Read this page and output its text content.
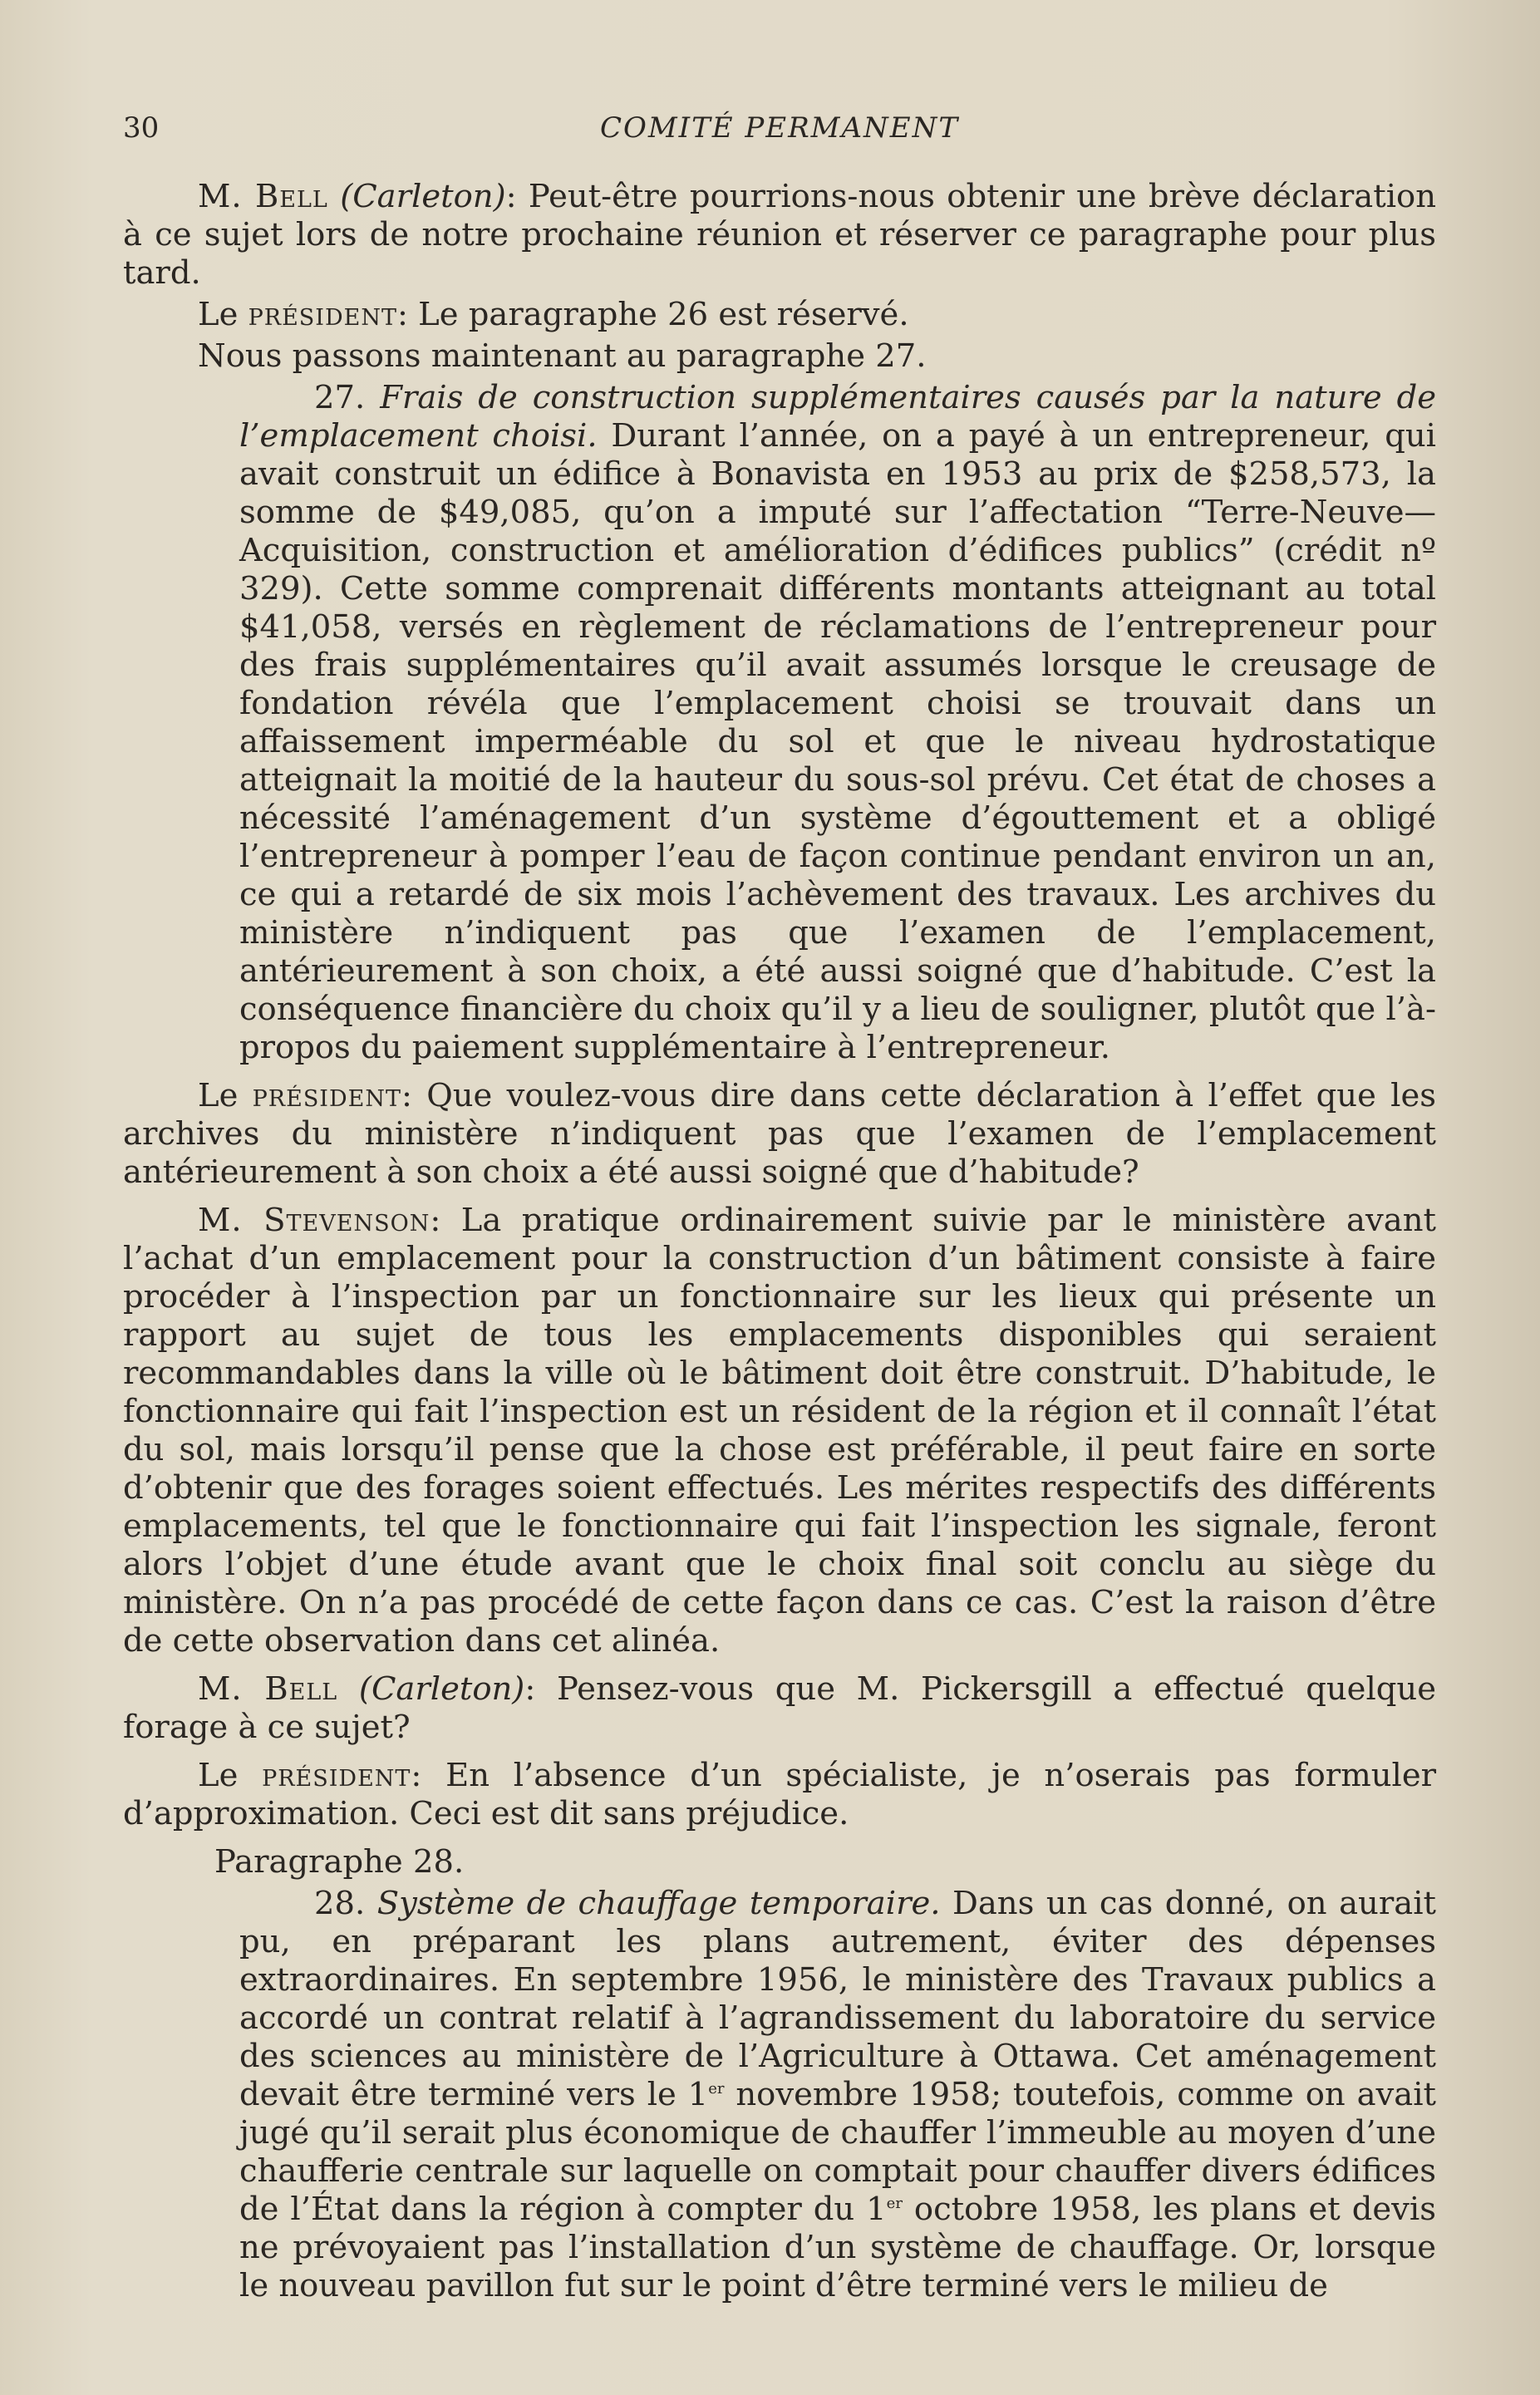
30	COMITÉ PERMANENT

M. Bell (Carleton): Peut-être pourrions-nous obtenir une brève déclaration à ce sujet lors de notre prochaine réunion et réserver ce paragraphe pour plus tard.

Le président: Le paragraphe 26 est réservé.

Nous passons maintenant au paragraphe 27.

27. Frais de construction supplémentaires causés par la nature de l’emplacement choisi. Durant l’année, on a payé à un entrepreneur, qui avait construit un édifice à Bonavista en 1953 au prix de $258,573, la somme de $49,085, qu’on a imputé sur l’affectation “Terre-Neuve— Acquisition, construction et amélioration d’édifices publics” (crédit nº 329). Cette somme comprenait différents montants atteignant au total $41,058, versés en règlement de réclamations de l’entrepreneur pour des frais supplémentaires qu’il avait assumés lorsque le creusage de fondation révéla que l’emplacement choisi se trouvait dans un affaissement imperméable du sol et que le niveau hydrostatique atteignait la moitié de la hauteur du sous-sol prévu. Cet état de choses a nécessité l’aménagement d’un système d’égouttement et a obligé l’entrepreneur à pomper l’eau de façon continue pendant environ un an, ce qui a retardé de six mois l’achèvement des travaux. Les archives du ministère n’indiquent pas que l’examen de l’emplacement, antérieurement à son choix, a été aussi soigné que d’habitude. C’est la conséquence financière du choix qu’il y a lieu de souligner, plutôt que l’à-propos du paiement supplémentaire à l’entrepreneur.

Le président: Que voulez-vous dire dans cette déclaration à l’effet que les archives du ministère n’indiquent pas que l’examen de l’emplacement antérieurement à son choix a été aussi soigné que d’habitude?

M. Stevenson: La pratique ordinairement suivie par le ministère avant l’achat d’un emplacement pour la construction d’un bâtiment consiste à faire procéder à l’inspection par un fonctionnaire sur les lieux qui présente un rapport au sujet de tous les emplacements disponibles qui seraient recommandables dans la ville où le bâtiment doit être construit. D’habitude, le fonctionnaire qui fait l’inspection est un résident de la région et il connaît l’état du sol, mais lorsqu’il pense que la chose est préférable, il peut faire en sorte d’obtenir que des forages soient effectués. Les mérites respectifs des différents emplacements, tel que le fonctionnaire qui fait l’inspection les signale, feront alors l’objet d’une étude avant que le choix final soit conclu au siège du ministère. On n’a pas procédé de cette façon dans ce cas. C’est la raison d’être de cette observation dans cet alinéa.

M. Bell (Carleton): Pensez-vous que M. Pickersgill a effectué quelque forage à ce sujet?

Le président: En l’absence d’un spécialiste, je n’oserais pas formuler d’approximation. Ceci est dit sans préjudice.

Paragraphe 28.

28. Système de chauffage temporaire. Dans un cas donné, on aurait pu, en préparant les plans autrement, éviter des dépenses extraordinaires. En septembre 1956, le ministère des Travaux publics a accordé un contrat relatif à l’agrandissement du laboratoire du service des sciences au ministère de l’Agriculture à Ottawa. Cet aménagement devait être terminé vers le 1er novembre 1958; toutefois, comme on avait jugé qu’il serait plus économique de chauffer l’immeuble au moyen d’une chaufferie centrale sur laquelle on comptait pour chauffer divers édifices de l’État dans la région à compter du 1er octobre 1958, les plans et devis ne prévoyaient pas l’installation d’un système de chauffage. Or, lorsque le nouveau pavillon fut sur le point d’être terminé vers le milieu de
